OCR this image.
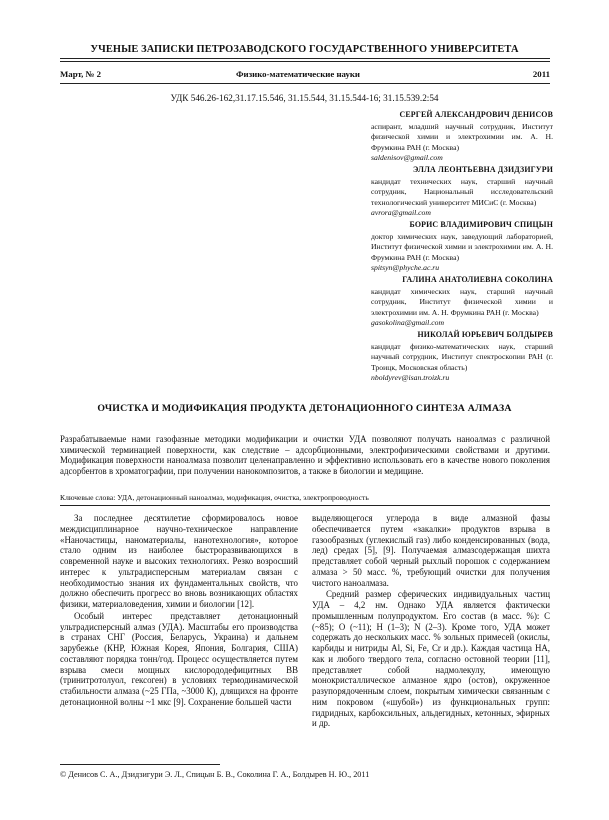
УЧЕНЫЕ ЗАПИСКИ ПЕТРОЗАВОДСКОГО ГОСУДАРСТВЕННОГО УНИВЕРСИТЕТА
Март, № 2	Физико-математические науки	2011
УДК 546.26-162,31.17.15.546, 31.15.544, 31.15.544-16; 31.15.539.2:54
СЕРГЕЙ АЛЕКСАНДРОВИЧ ДЕНИСОВ
аспирант, младший научный сотрудник, Институт физической химии и электрохимии им. А. Н. Фрумкина РАН (г. Москва)
saldenisov@gmail.com
ЭЛЛА ЛЕОНТЬЕВНА ДЗИДЗИГУРИ
кандидат технических наук, старший научный сотрудник, Национальный исследовательский технологический университет МИСиС (г. Москва)
avrora@gmail.com
БОРИС ВЛАДИМИРОВИЧ СПИЦЫН
доктор химических наук, заведующий лабораторией, Институт физической химии и электрохимии им. А. Н. Фрумкина РАН (г. Москва)
spitsyn@phyche.ac.ru
ГАЛИНА АНАТОЛИЕВНА СОКОЛИНА
кандидат химических наук, старший научный сотрудник, Институт физической химии и электрохимии им. А. Н. Фрумкина РАН (г. Москва)
gasokolina@gmail.com
НИКОЛАЙ ЮРЬЕВИЧ БОЛДЫРЕВ
кандидат физико-математических наук, старший научный сотрудник, Институт спектроскопии РАН (г. Троицк, Московская область)
nboldyrev@isan.troizk.ru
ОЧИСТКА И МОДИФИКАЦИЯ ПРОДУКТА ДЕТОНАЦИОННОГО СИНТЕЗА АЛМАЗА
Разрабатываемые нами газофазные методики модификации и очистки УДА позволяют получать наноалмаз с различной химической терминацией поверхности, как следствие – адсорбционными, электрофизическими свойствами и другими. Модификация поверхности наноалмаза позволит целенаправленно и эффективно использовать его в качестве нового поколения адсорбентов в хроматографии, при получении нанокомпозитов, а также в биологии и медицине.
Ключевые слова: УДА, детонационный наноалмаз, модификация, очистка, электропроводность

За последнее десятилетие сформировалось новое междисциплинарное научно-техническое направление «Наночастицы, наноматериалы, нанотехнология», которое стало одним из наиболее быстроразвивающихся в современной науке и высоких технологиях. Резко возросший интерес к ультрадисперсным материалам связан с необходимостью знания их фундаментальных свойств, что должно обеспечить прогресс во вновь возникающих областях физики, материаловедения, химии и биологии [12].

Особый интерес представляет детонационный ультрадисперсный алмаз (УДА). Масштабы его производства в странах СНГ (Россия, Беларусь, Украина) и дальнем зарубежье (КНР, Южная Корея, Япония, Болгария, США) составляют порядка тонн/год. Процесс осуществляется путем взрыва смеси мощных кислорододефицитных ВВ (тринитротолуол, гексоген) в условиях термодинамической стабильности алмаза (~25 ГПа, ~3000 К), длящихся на фронте детонационной волны ~1 мкс [9]. Сохранение большей части

выделяющегося углерода в виде алмазной фазы обеспечивается путем «закалки» продуктов взрыва в газообразных (углекислый газ) либо конденсированных (вода, лед) средах [5], [9]. Получаемая алмазсодержащая шихта представляет собой черный рыхлый порошок с содержанием алмаза > 50 масс. %, требующий очистки для получения чистого наноалмаза.

Средний размер сферических индивидуальных частиц УДА – 4,2 нм. Однако УДА является фактически промышленным полупродуктом. Его состав (в масс. %): С (~85); О (~11); Н (1–3); N (2–3). Кроме того, УДА может содержать до нескольких масс. % зольных примесей (окислы, карбиды и нитриды Al, Si, Fe, Cr и др.). Каждая частица НА, как и любого твердого тела, согласно остовной теории [11], представляет собой надмолекулу, имеющую монокристаллическое алмазное ядро (остов), окруженное разупорядоченным слоем, покрытым химически связанным с ним покровом («шубой») из функциональных групп: гидридных, карбоксильных, альдегидных, кетонных, эфирных и др.

© Денисов С. А., Дзидзигури Э. Л., Спицын Б. В., Соколина Г. А., Болдырев Н. Ю., 2011
